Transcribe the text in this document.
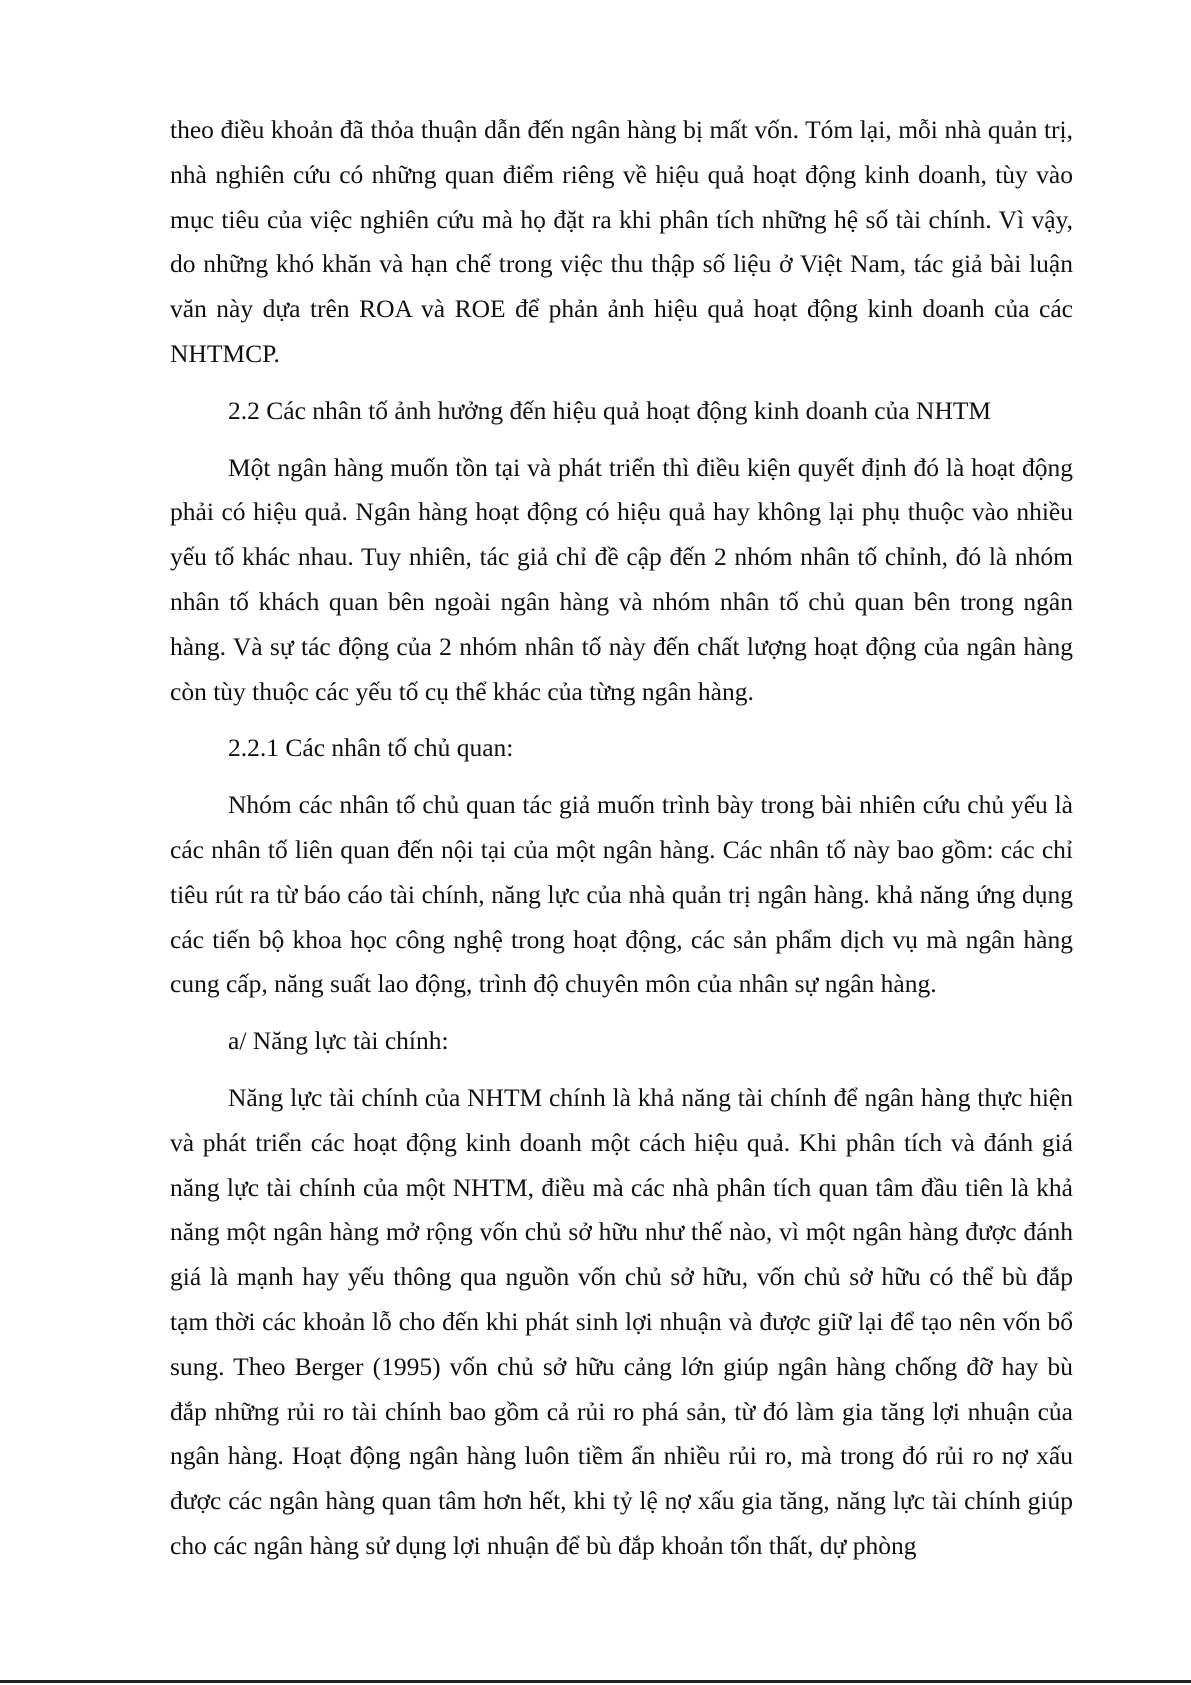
theo điều khoản đã thỏa thuận dẫn đến ngân hàng bị mất vốn. Tóm lại, mỗi nhà quản trị, nhà nghiên cứu có những quan điểm riêng về hiệu quả hoạt động kinh doanh, tùy vào mục tiêu của việc nghiên cứu mà họ đặt ra khi phân tích những hệ số tài chính. Vì vậy, do những khó khăn và hạn chế trong việc thu thập số liệu ở Việt Nam, tác giả bài luận văn này dựa trên ROA và ROE để phản ảnh hiệu quả hoạt động kinh doanh của các NHTMCP.

2.2 Các nhân tố ảnh hưởng đến hiệu quả hoạt động kinh doanh của NHTM

Một ngân hàng muốn tồn tại và phát triển thì điều kiện quyết định đó là hoạt động phải có hiệu quả. Ngân hàng hoạt động có hiệu quả hay không lại phụ thuộc vào nhiều yếu tố khác nhau. Tuy nhiên, tác giả chỉ đề cập đến 2 nhóm nhân tố chỉnh, đó là nhóm nhân tố khách quan bên ngoài ngân hàng và nhóm nhân tố chủ quan bên trong ngân hàng. Và sự tác động của 2 nhóm nhân tố này đến chất lượng hoạt động của ngân hàng còn tùy thuộc các yếu tố cụ thể khác của từng ngân hàng.

2.2.1 Các nhân tố chủ quan:

Nhóm các nhân tố chủ quan tác giả muốn trình bày trong bài nhiên cứu chủ yếu là các nhân tố liên quan đến nội tại của một ngân hàng. Các nhân tố này bao gồm: các chỉ tiêu rút ra từ báo cáo tài chính, năng lực của nhà quản trị ngân hàng. khả năng ứng dụng các tiến bộ khoa học công nghệ trong hoạt động, các sản phẩm dịch vụ mà ngân hàng cung cấp, năng suất lao động, trình độ chuyên môn của nhân sự ngân hàng.

a/ Năng lực tài chính:

Năng lực tài chính của NHTM chính là khả năng tài chính để ngân hàng thực hiện và phát triển các hoạt động kinh doanh một cách hiệu quả. Khi phân tích và đánh giá năng lực tài chính của một NHTM, điều mà các nhà phân tích quan tâm đầu tiên là khả năng một ngân hàng mở rộng vốn chủ sở hữu như thế nào, vì một ngân hàng được đánh giá là mạnh hay yếu thông qua nguồn vốn chủ sở hữu, vốn chủ sở hữu có thể bù đắp tạm thời các khoản lỗ cho đến khi phát sinh lợi nhuận và được giữ lại để tạo nên vốn bổ sung. Theo Berger (1995) vốn chủ sở hữu cảng lớn giúp ngân hàng chống đỡ hay bù đắp những rủi ro tài chính bao gồm cả rủi ro phá sản, từ đó làm gia tăng lợi nhuận của ngân hàng. Hoạt động ngân hàng luôn tiềm ẩn nhiều rủi ro, mà trong đó rủi ro nợ xấu được các ngân hàng quan tâm hơn hết, khi tỷ lệ nợ xấu gia tăng, năng lực tài chính giúp cho các ngân hàng sử dụng lợi nhuận để bù đắp khoản tổn thất, dự phòng
